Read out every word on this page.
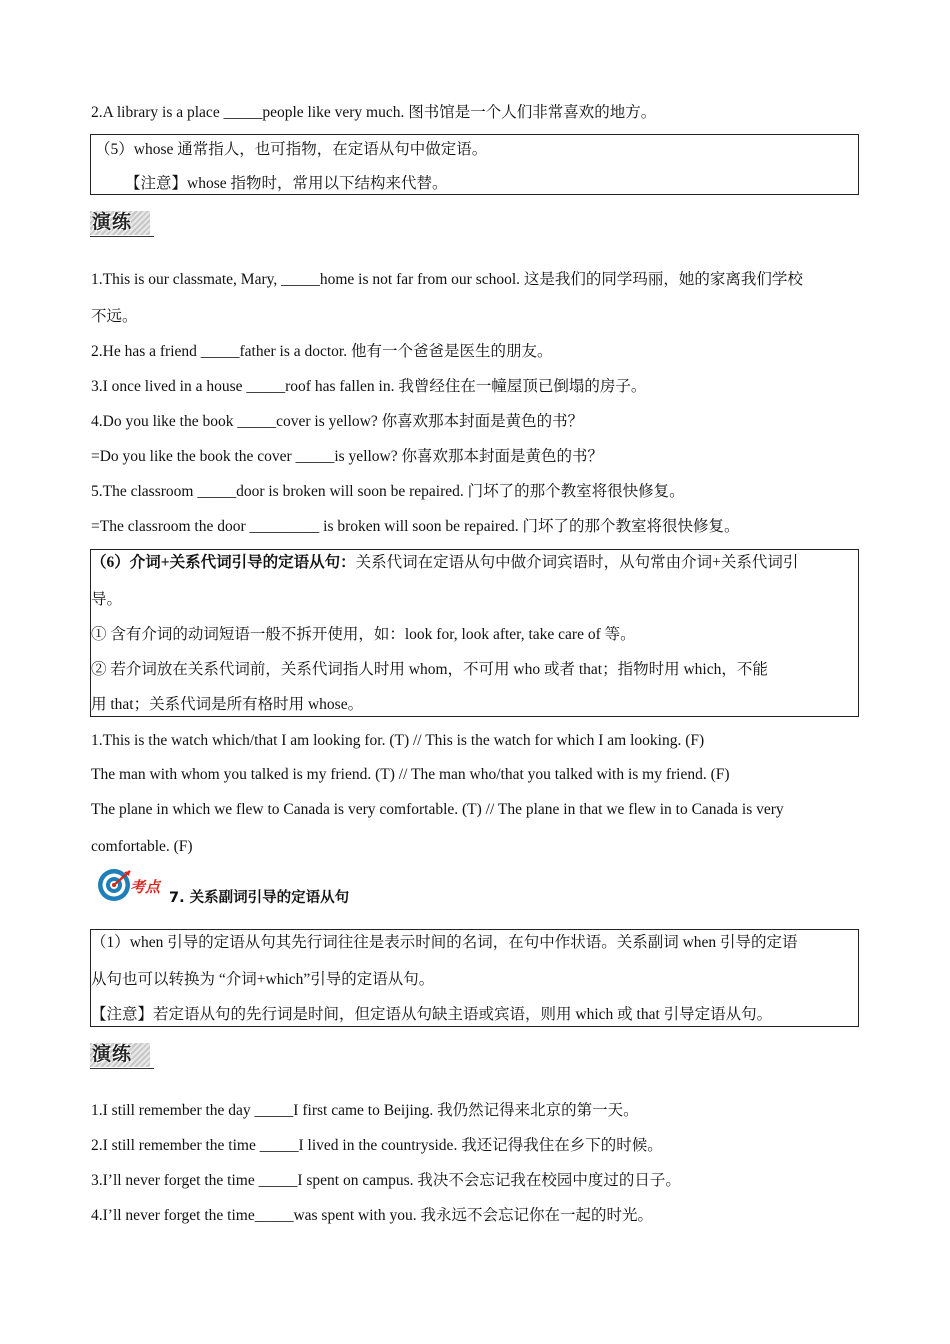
2.A library is a place _____people like very much. 图书馆是一个人们非常喜欢的地方。
（5）whose 通常指人，也可指物，在定语从句中做定语。
【注意】whose 指物时，常用以下结构来代替。
演练
1.This is our classmate, Mary, _____home is not far from our school. 这是我们的同学玛丽，她的家离我们学校
不远。
2.He has a friend _____father is a doctor. 他有一个爸爸是医生的朋友。
3.I once lived in a house _____roof has fallen in. 我曾经住在一幢屋顶已倒塌的房子。
4.Do you like the book _____cover is yellow? 你喜欢那本封面是黄色的书？
=Do you like the book the cover _____is yellow? 你喜欢那本封面是黄色的书？
5.The classroom _____door is broken will soon be repaired. 门坏了的那个教室将很快修复。
=The classroom the door _________ is broken will soon be repaired. 门坏了的那个教室将很快修复。
（6）介词+关系代词引导的定语从句：关系代词在定语从句中做介词宾语时，从句常由介词+关系代词引
导。
① 含有介词的动词短语一般不拆开使用，如：look for, look after, take care of 等。
② 若介词放在关系代词前，关系代词指人时用 whom，不可用 who 或者 that；指物时用 which，不能
用 that；关系代词是所有格时用 whose。
1.This is the watch which/that I am looking for. (T) // This is the watch for which I am looking. (F)
The man with whom you talked is my friend. (T) // The man who/that you talked with is my friend. (F)
The plane in which we flew to Canada is very comfortable. (T) // The plane in that we flew in to Canada is very
comfortable. (F)
考点
7. 关系副词引导的定语从句
（1）when 引导的定语从句其先行词往往是表示时间的名词，在句中作状语。关系副词 when 引导的定语
从句也可以转换为 “介词+which”引导的定语从句。
【注意】若定语从句的先行词是时间，但定语从句缺主语或宾语，则用 which 或 that 引导定语从句。
演练
1.I still remember the day _____I first came to Beijing. 我仍然记得来北京的第一天。
2.I still remember the time _____I lived in the countryside. 我还记得我住在乡下的时候。
3.I’ll never forget the time _____I spent on campus. 我决不会忘记我在校园中度过的日子。
4.I’ll never forget the time_____was spent with you. 我永远不会忘记你在一起的时光。
